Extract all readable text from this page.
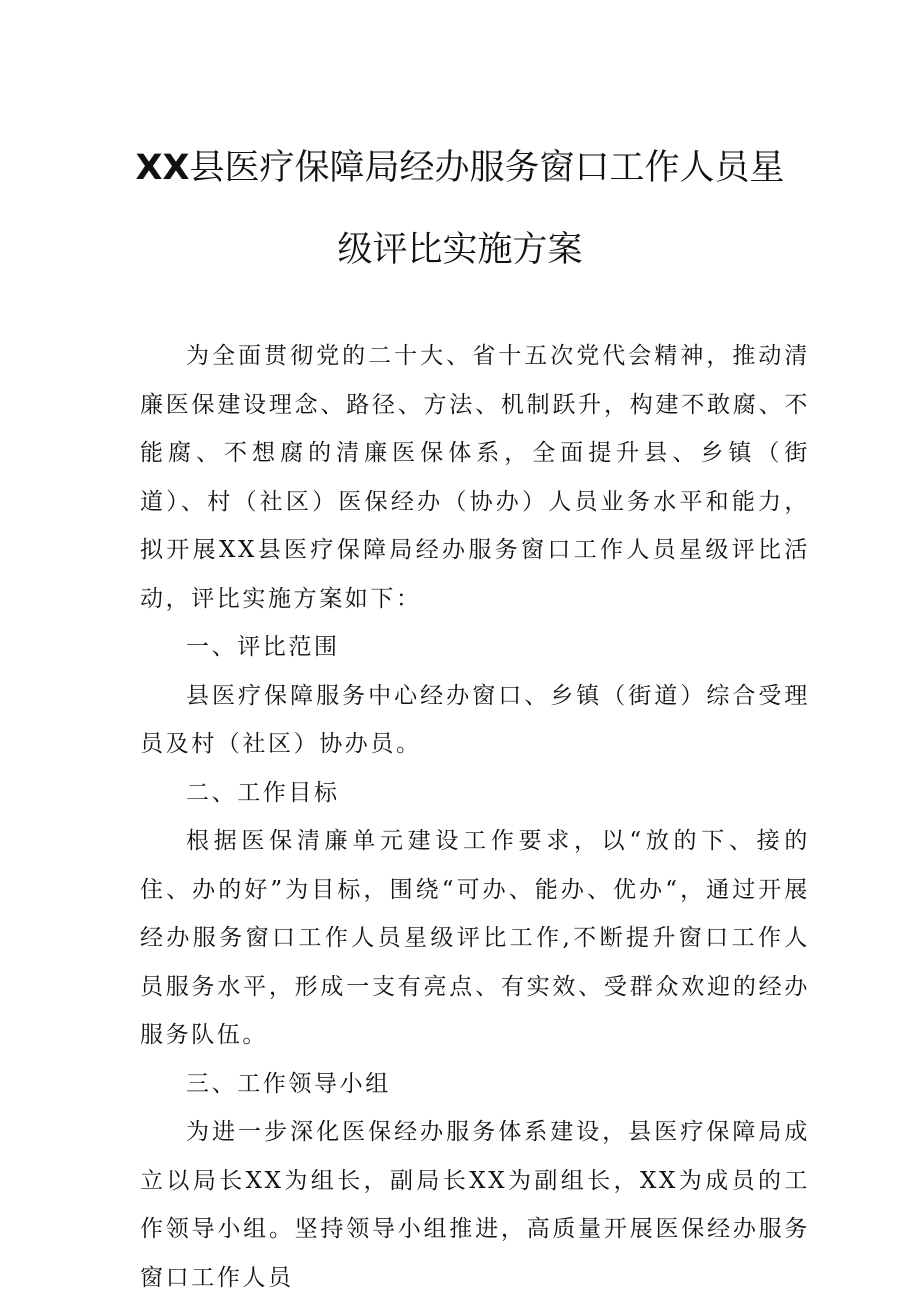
XX县医疗保障局经办服务窗口工作人员星
级评比实施方案

为全面贯彻党的二十大、省十五次党代会精神，推动清廉医保建设理念、路径、方法、机制跃升，构建不敢腐、不能腐、不想腐的清廉医保体系，全面提升县、乡镇（街道）、村（社区）医保经办（协办）人员业务水平和能力，拟开展XX县医疗保障局经办服务窗口工作人员星级评比活动，评比实施方案如下：

一、评比范围

县医疗保障服务中心经办窗口、乡镇（街道）综合受理员及村（社区）协办员。

二、工作目标

根据医保清廉单元建设工作要求，以“放的下、接的住、办的好”为目标，围绕“可办、能办、优办“，通过开展经办服务窗口工作人员星级评比工作,不断提升窗口工作人员服务水平，形成一支有亮点、有实效、受群众欢迎的经办服务队伍。

三、工作领导小组

为进一步深化医保经办服务体系建设，县医疗保障局成立以局长XX为组长，副局长XX为副组长，XX为成员的工作领导小组。坚持领导小组推进，高质量开展医保经办服务窗口工作人员
